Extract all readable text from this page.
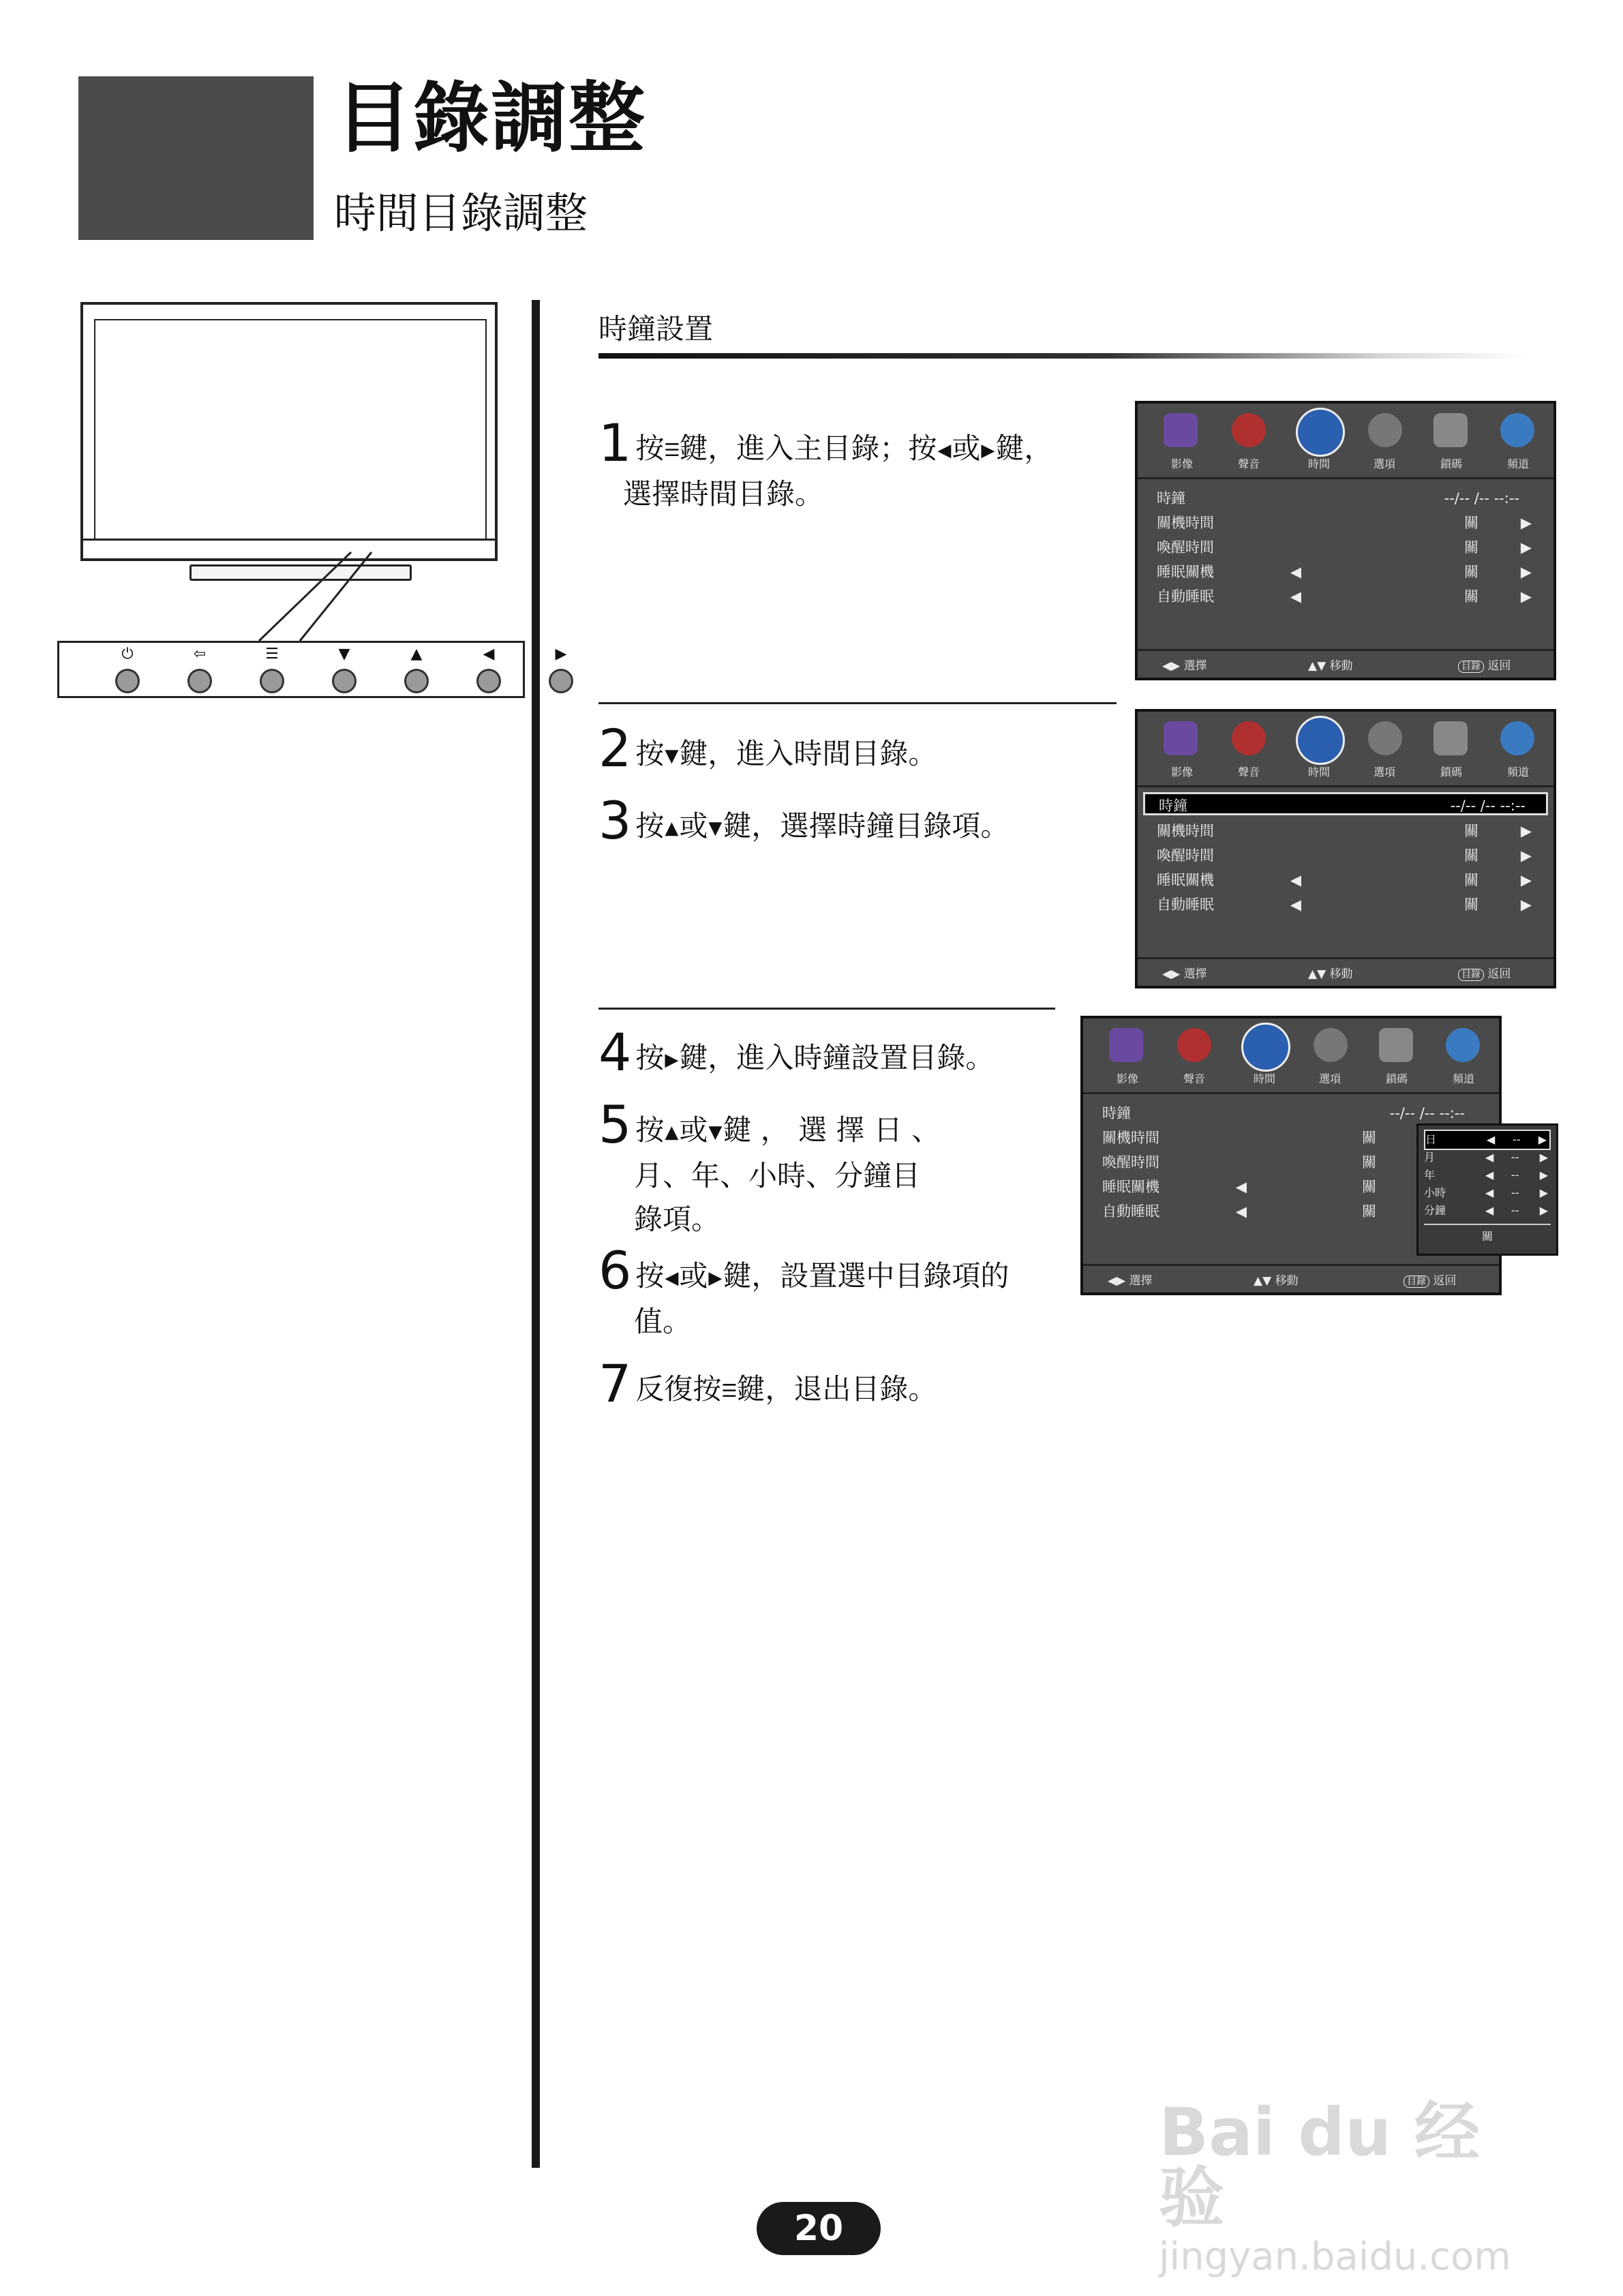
目錄調整
時間目錄調整
⏻	⇦	☰	▼	▲	◀	▶
時鐘設置
1 按☰鍵，進入主目錄；按◀或▶鍵，
選擇時間目錄。
影像	聲音	時間	選項	鎖碼	頻道
時鐘	--/-- /-- --:--
關機時間	關	▶
喚醒時間	關	▶
睡眠關機	◀	關	▶
自動睡眠	◀	關	▶
◀▶ 選擇	▲▼ 移動	目錄 返回
2 按▼鍵，進入時間目錄。
3 按▲或▼鍵，選擇時鐘目錄項。
影像	聲音	時間	選項	鎖碼	頻道
時鐘	--/-- /-- --:--
關機時間	關	▶
喚醒時間	關	▶
睡眠關機	◀	關	▶
自動睡眠	◀	關	▶
◀▶ 選擇	▲▼ 移動	目錄 返回
4 按▶鍵，進入時鐘設置目錄。
5 按▲或▼鍵 ， 選 擇 日 、
月、年、小時、分鐘目
錄項。
6 按◀或▶鍵，設置選中目錄項的
值。
7 反復按☰鍵，退出目錄。
影像	聲音	時間	選項	鎖碼	頻道
時鐘	--/-- /-- --:--
關機時間	關
喚醒時間	關
睡眠關機	◀	關
自動睡眠	◀	關
◀▶ 選擇	▲▼ 移動	目錄 返回
日	◀ -- ▶
月	◀ -- ▶
年	◀ -- ▶
小時	◀ -- ▶
分鐘	◀ -- ▶
關
20
Bai du 经验
jingyan.baidu.com
